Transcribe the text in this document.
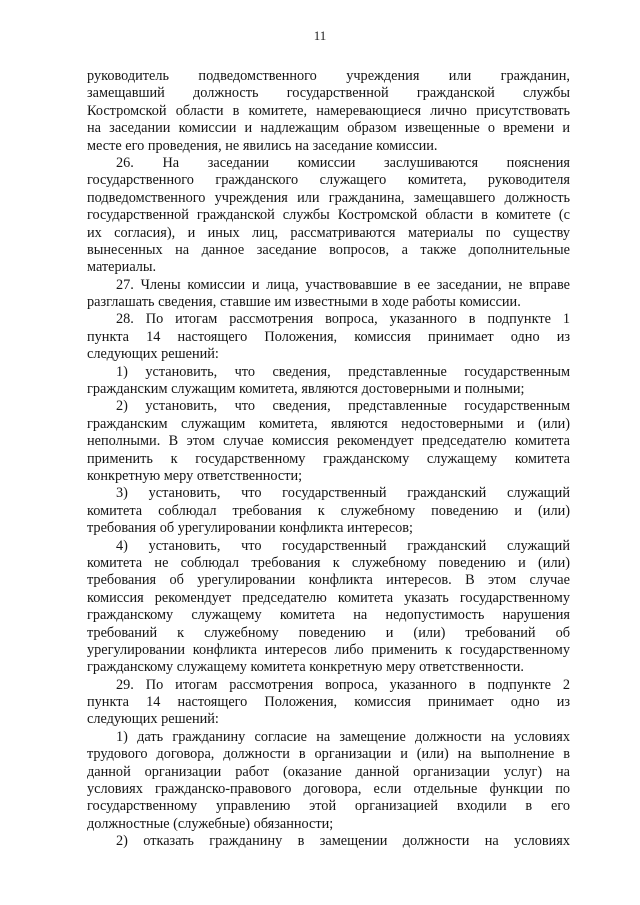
11
руководитель подведомственного учреждения или гражданин,
замещавший должность государственной гражданской службы
Костромской области в комитете, намеревающиеся лично присутствовать
на заседании комиссии и надлежащим образом извещенные о времени и
месте его проведения, не явились на заседание комиссии.
26. На заседании комиссии заслушиваются пояснения
государственного гражданского служащего комитета, руководителя
подведомственного учреждения или гражданина, замещавшего должность
государственной гражданской службы Костромской области в комитете (с
их согласия), и иных лиц, рассматриваются материалы по существу
вынесенных на данное заседание вопросов, а также дополнительные
материалы.
27. Члены комиссии и лица, участвовавшие в ее заседании, не вправе
разглашать сведения, ставшие им известными в ходе работы комиссии.
28. По итогам рассмотрения вопроса, указанного в подпункте 1
пункта 14 настоящего Положения, комиссия принимает одно из
следующих решений:
1) установить, что сведения, представленные государственным
гражданским служащим комитета, являются достоверными и полными;
2) установить, что сведения, представленные государственным
гражданским служащим комитета, являются недостоверными и (или)
неполными. В этом случае комиссия рекомендует председателю комитета
применить к государственному гражданскому служащему комитета
конкретную меру ответственности;
3) установить, что государственный гражданский служащий
комитета соблюдал требования к служебному поведению и (или)
требования об урегулировании конфликта интересов;
4) установить, что государственный гражданский служащий
комитета не соблюдал требования к служебному поведению и (или)
требования об урегулировании конфликта интересов. В этом случае
комиссия рекомендует председателю комитета указать государственному
гражданскому служащему комитета на недопустимость нарушения
требований к служебному поведению и (или) требований об
урегулировании конфликта интересов либо применить к государственному
гражданскому служащему комитета конкретную меру ответственности.
29. По итогам рассмотрения вопроса, указанного в подпункте 2
пункта 14 настоящего Положения, комиссия принимает одно из
следующих решений:
1) дать гражданину согласие на замещение должности на условиях
трудового договора, должности в организации и (или) на выполнение в
данной организации работ (оказание данной организации услуг) на
условиях гражданско-правового договора, если отдельные функции по
государственному управлению этой организацией входили в его
должностные (служебные) обязанности;
2) отказать гражданину в замещении должности на условиях
